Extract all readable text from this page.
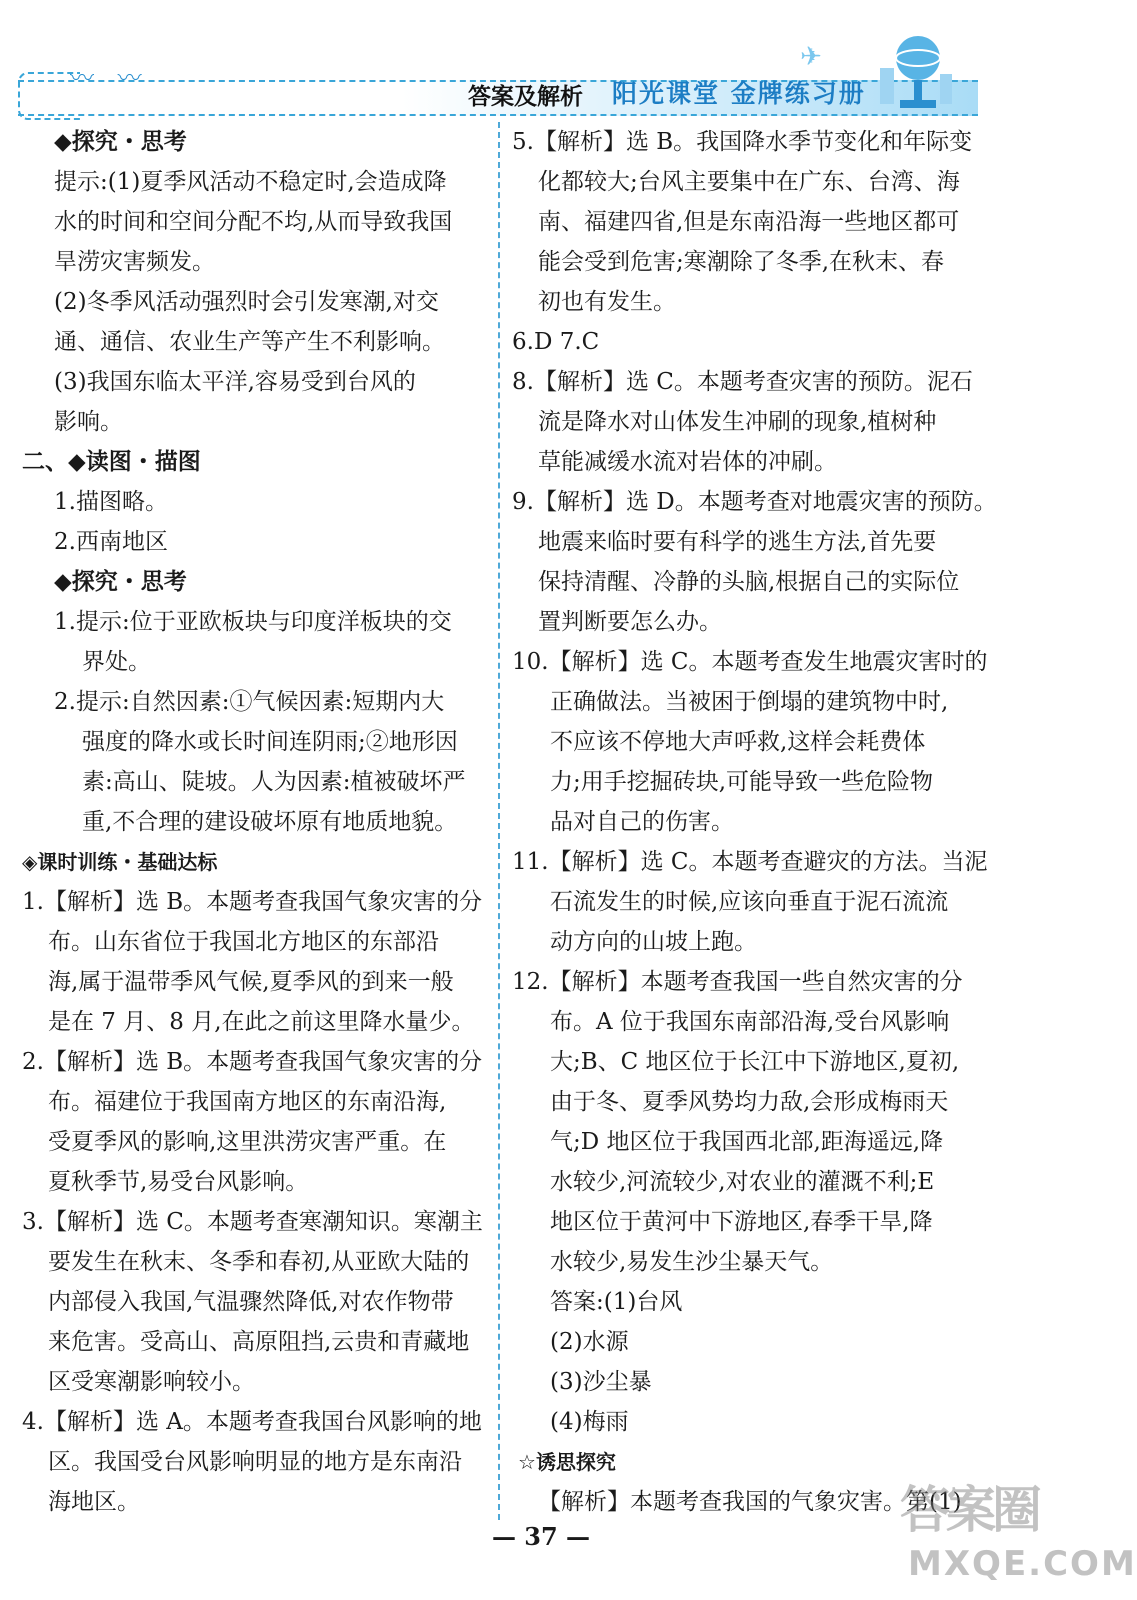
〰 〰
✈
答案及解析 阳光课堂 金牌练习册
◆探究・思考
提示:(1)夏季风活动不稳定时,会造成降
水的时间和空间分配不均,从而导致我国
旱涝灾害频发。
(2)冬季风活动强烈时会引发寒潮,对交
通、通信、农业生产等产生不利影响。
(3)我国东临太平洋,容易受到台风的
影响。
二、◆读图・描图
1.描图略。
2.西南地区
◆探究・思考
1.提示:位于亚欧板块与印度洋板块的交
界处。
2.提示:自然因素:①气候因素:短期内大
强度的降水或长时间连阴雨;②地形因
素:高山、陡坡。人为因素:植被破坏严
重,不合理的建设破坏原有地质地貌。
◈课时训练・基础达标
1.【解析】选 B。本题考查我国气象灾害的分
布。山东省位于我国北方地区的东部沿
海,属于温带季风气候,夏季风的到来一般
是在 7 月、8 月,在此之前这里降水量少。
2.【解析】选 B。本题考查我国气象灾害的分
布。福建位于我国南方地区的东南沿海,
受夏季风的影响,这里洪涝灾害严重。在
夏秋季节,易受台风影响。
3.【解析】选 C。本题考查寒潮知识。寒潮主
要发生在秋末、冬季和春初,从亚欧大陆的
内部侵入我国,气温骤然降低,对农作物带
来危害。受高山、高原阻挡,云贵和青藏地
区受寒潮影响较小。
4.【解析】选 A。本题考查我国台风影响的地
区。我国受台风影响明显的地方是东南沿
海地区。
5.【解析】选 B。我国降水季节变化和年际变
化都较大;台风主要集中在广东、台湾、海
南、福建四省,但是东南沿海一些地区都可
能会受到危害;寒潮除了冬季,在秋末、春
初也有发生。
6.D 7.C
8.【解析】选 C。本题考查灾害的预防。泥石
流是降水对山体发生冲刷的现象,植树种
草能减缓水流对岩体的冲刷。
9.【解析】选 D。本题考查对地震灾害的预防。
地震来临时要有科学的逃生方法,首先要
保持清醒、冷静的头脑,根据自己的实际位
置判断要怎么办。
10.【解析】选 C。本题考查发生地震灾害时的
正确做法。当被困于倒塌的建筑物中时,
不应该不停地大声呼救,这样会耗费体
力;用手挖掘砖块,可能导致一些危险物
品对自己的伤害。
11.【解析】选 C。本题考查避灾的方法。当泥
石流发生的时候,应该向垂直于泥石流流
动方向的山坡上跑。
12.【解析】本题考查我国一些自然灾害的分
布。A 位于我国东南部沿海,受台风影响
大;B、C 地区位于长江中下游地区,夏初,
由于冬、夏季风势均力敌,会形成梅雨天
气;D 地区位于我国西北部,距海遥远,降
水较少,河流较少,对农业的灌溉不利;E
地区位于黄河中下游地区,春季干旱,降
水较少,易发生沙尘暴天气。
答案:(1)台风
(2)水源
(3)沙尘暴
(4)梅雨
☆诱思探究
【解析】本题考查我国的气象灾害。第(1)
— 37 —	答案圈
MXQE.COM
